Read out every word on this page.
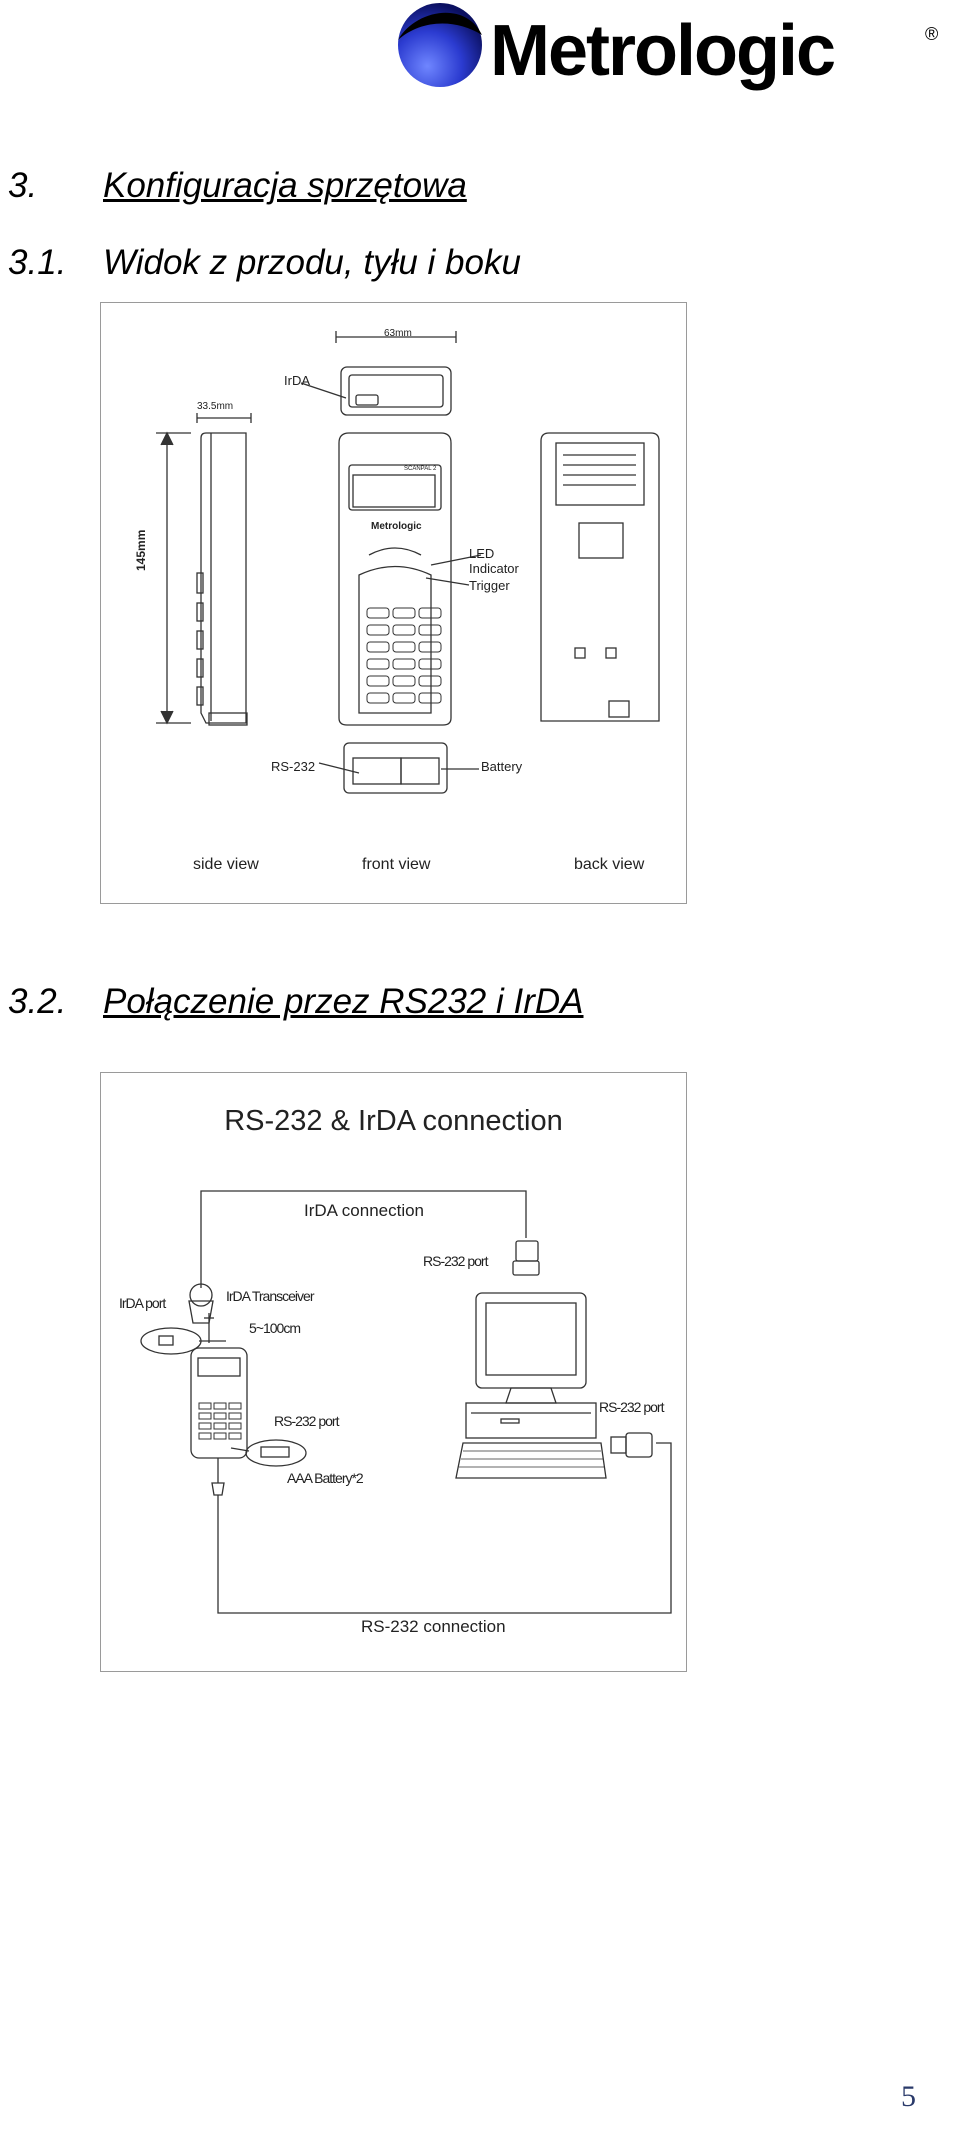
Metrologic	®
3. Konfiguracja sprzętowa
3.1. Widok z przodu, tyłu i boku
63mm
IrDA
33.5mm
145mm
SCANPAL 2
Metrologic
LED
Indicator
Trigger
RS-232	Battery
side view	front view	back view
3.2. Połączenie przez RS232 i IrDA
RS-232 & IrDA connection
IrDA connection
RS-232 port
IrDA port	IrDA Transceiver
5~100cm
RS-232 port
RS-232 port
AAA Battery*2
RS-232 connection
5
